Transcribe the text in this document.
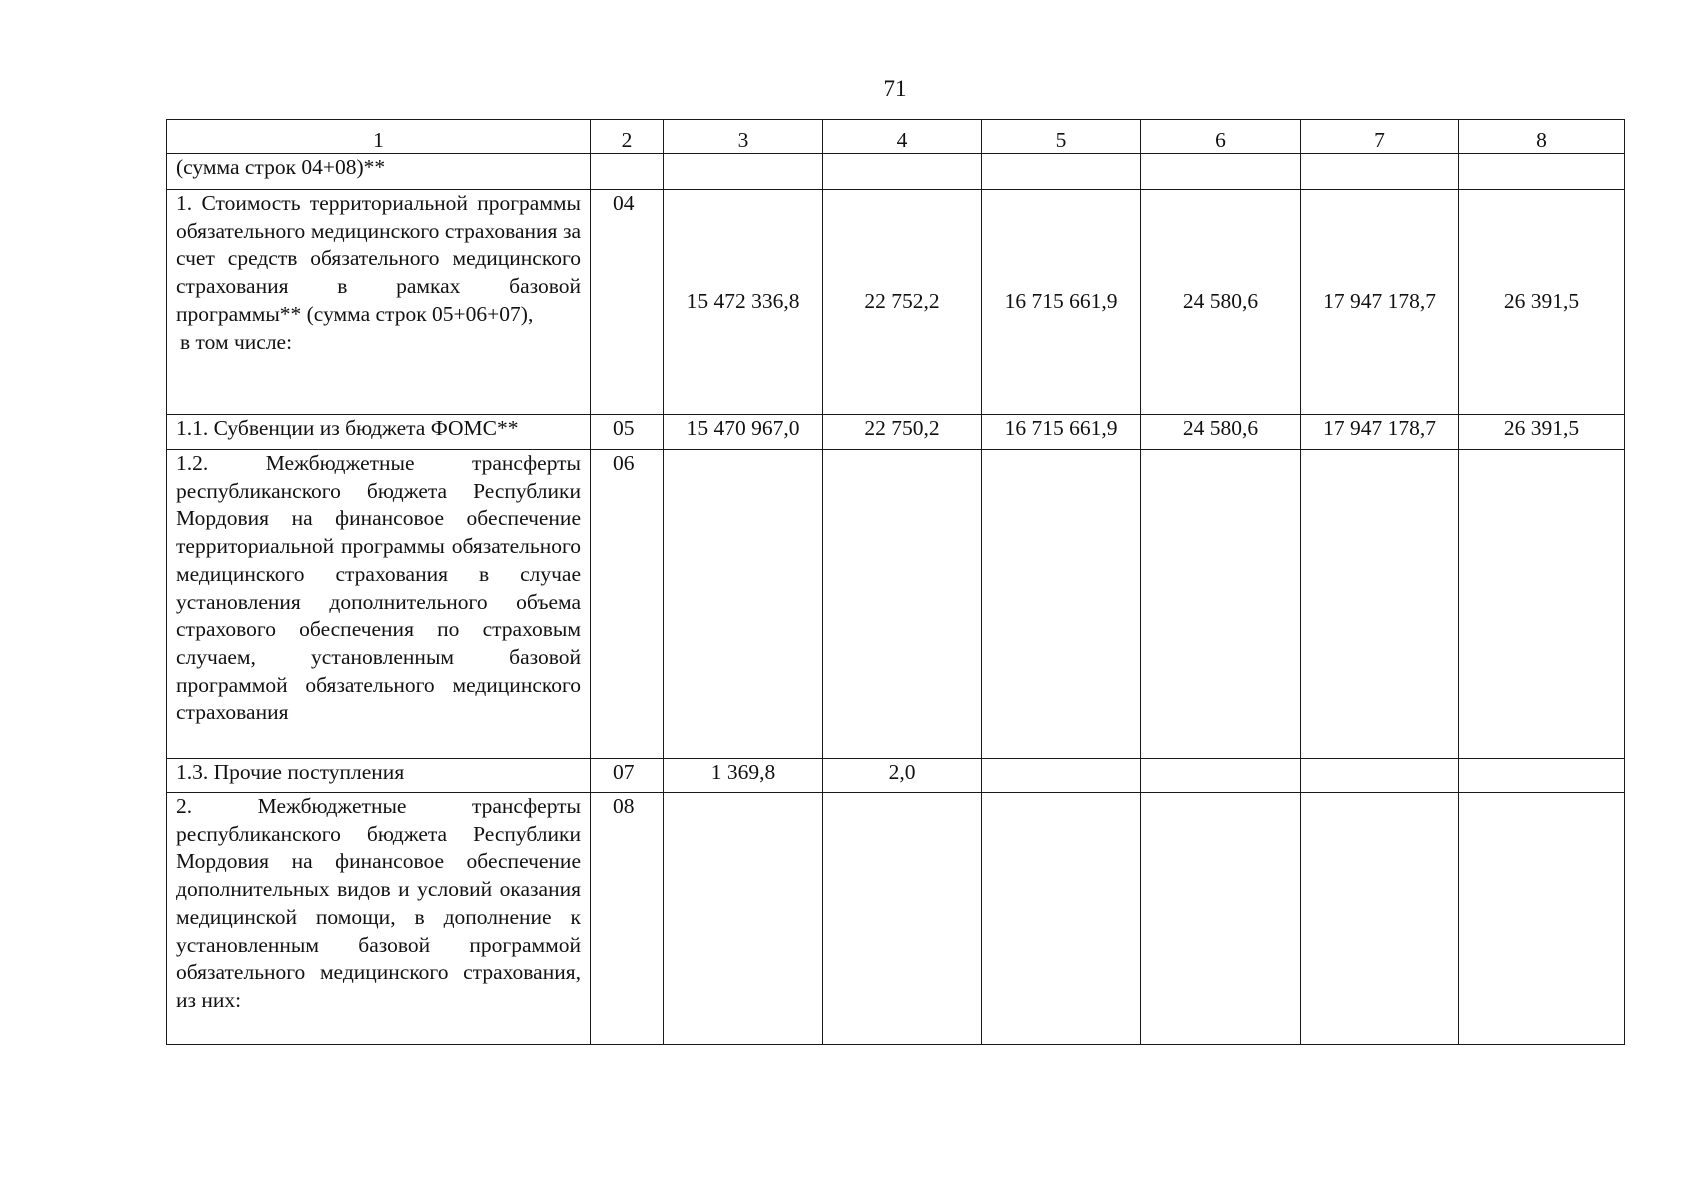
71
1	2	3	4	5	6	7	8
(сумма строк 04+08)**							
1. Стоимость территориальной программы обязательного медицинского страхования за счет средств обязательного медицинского страхования в рамках базовой программы** (сумма строк 05+06+07),
в том числе:	04	15 472 336,8	22 752,2	16 715 661,9	24 580,6	17 947 178,7	26 391,5
1.1. Субвенции из бюджета ФОМС**	05	15 470 967,0	22 750,2	16 715 661,9	24 580,6	17 947 178,7	26 391,5
1.2. Межбюджетные трансферты республиканского бюджета Республики Мордовия на финансовое обеспечение территориальной программы обязательного медицинского страхования в случае установления дополнительного объема страхового обеспечения по страховым случаем, установленным базовой программой обязательного медицинского страхования	06						
1.3. Прочие поступления	07	1 369,8	2,0				
2. Межбюджетные трансферты республиканского бюджета Республики Мордовия на финансовое обеспечение дополнительных видов и условий оказания медицинской помощи, в дополнение к установленным базовой программой обязательного медицинского страхования, из них:	08						
